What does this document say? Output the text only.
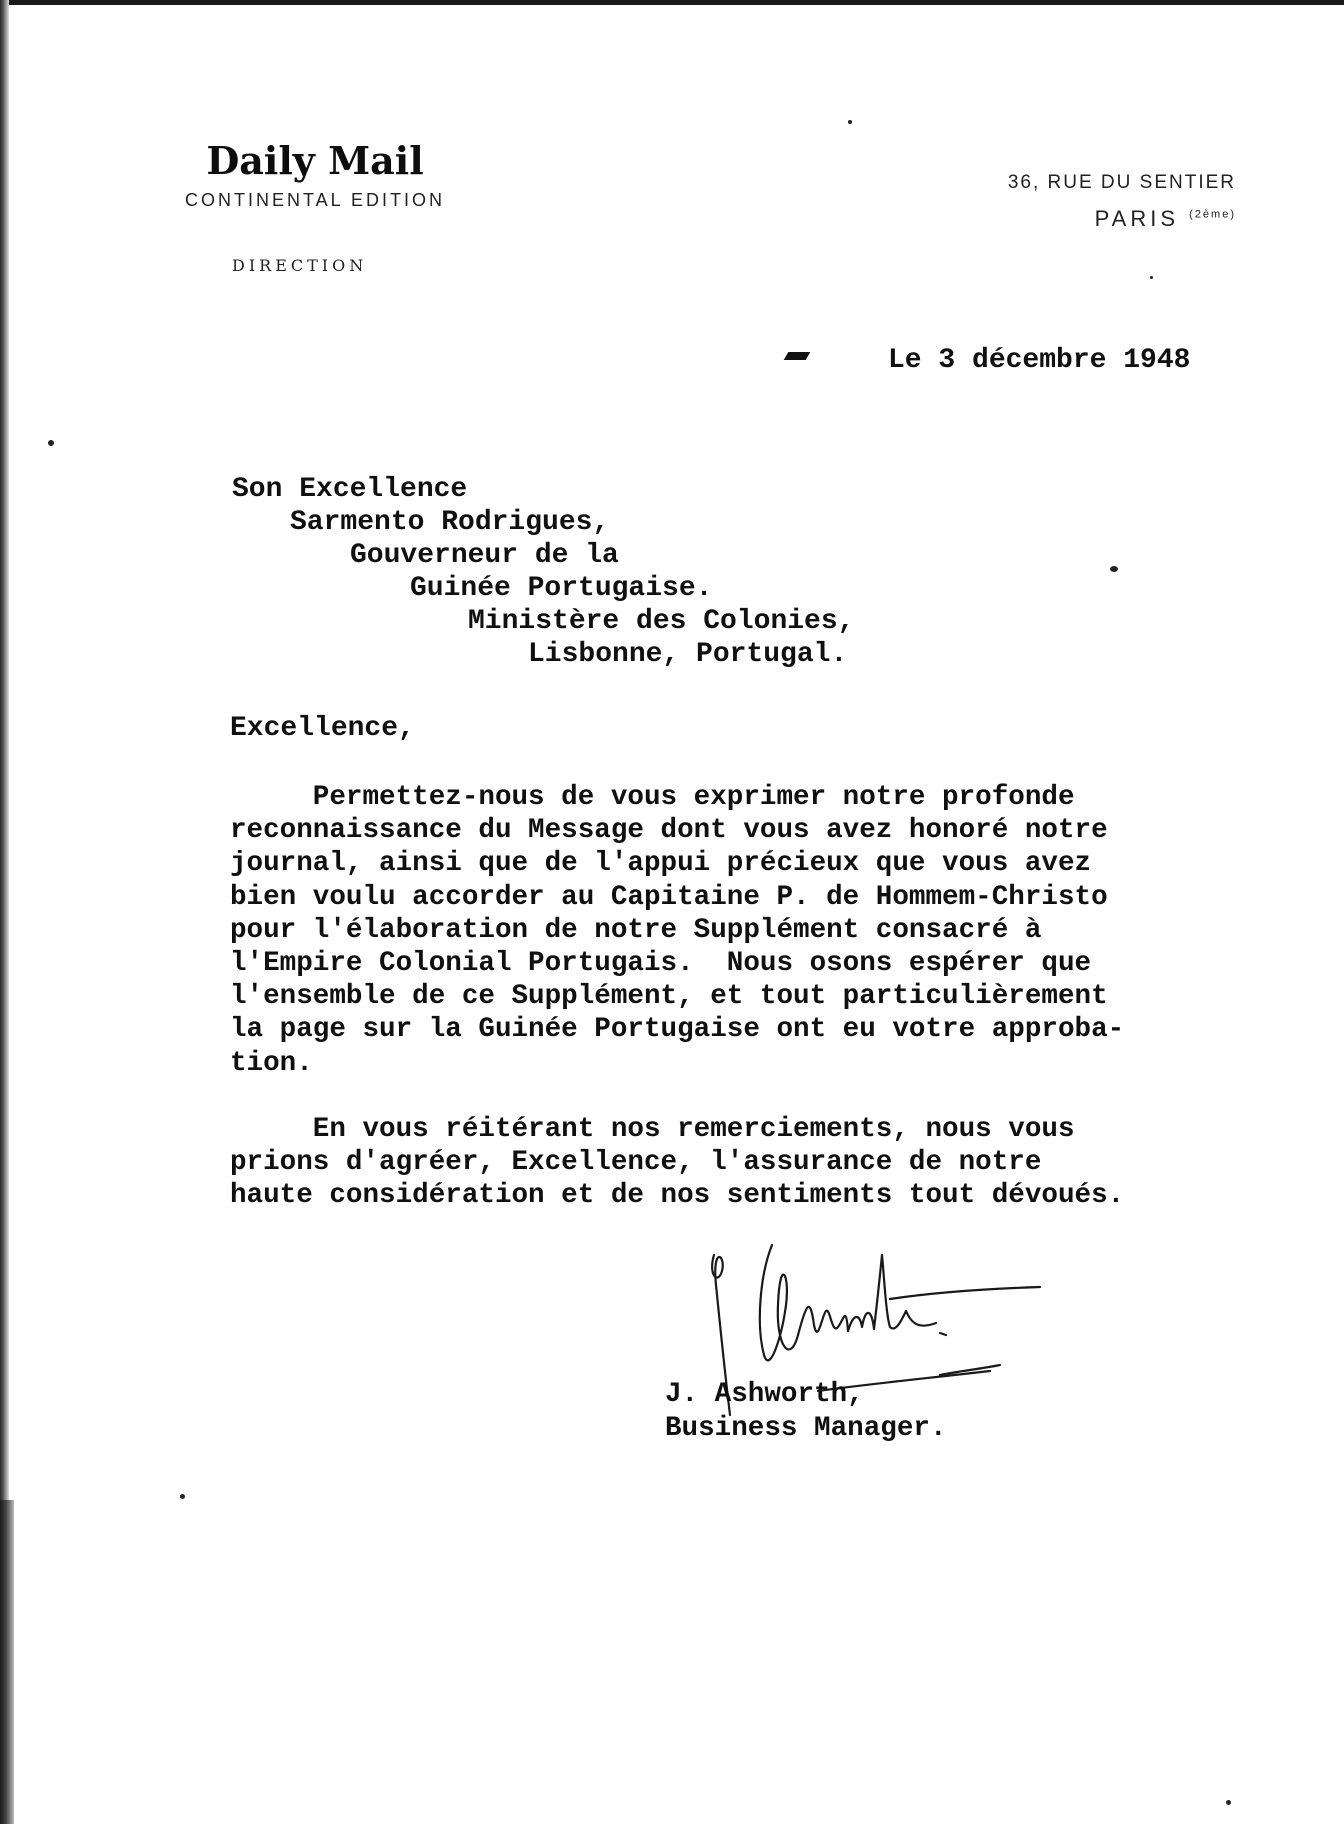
Daily Mail
CONTINENTAL EDITION
DIRECTION
36, RUE DU SENTIER
PARIS $^{(2ème)}$
Le 3 décembre 1948
Son Excellence
Sarmento Rodrigues,
Gouverneur de la
Guinée Portugaise.
Ministère des Colonies,
Lisbonne, Portugal.
Excellence,
Permettez-nous de vous exprimer notre profonde
reconnaissance du Message dont vous avez honoré notre
journal, ainsi que de l'appui précieux que vous avez
bien voulu accorder au Capitaine P. de Hommem-Christo
pour l'élaboration de notre Supplément consacré à
l'Empire Colonial Portugais.  Nous osons espérer que
l'ensemble de ce Supplément, et tout particulièrement
la page sur la Guinée Portugaise ont eu votre approba-
tion.
En vous réitérant nos remerciements, nous vous
prions d'agréer, Excellence, l'assurance de notre
haute considération et de nos sentiments tout dévoués.
J. Ashworth,
Business Manager.
